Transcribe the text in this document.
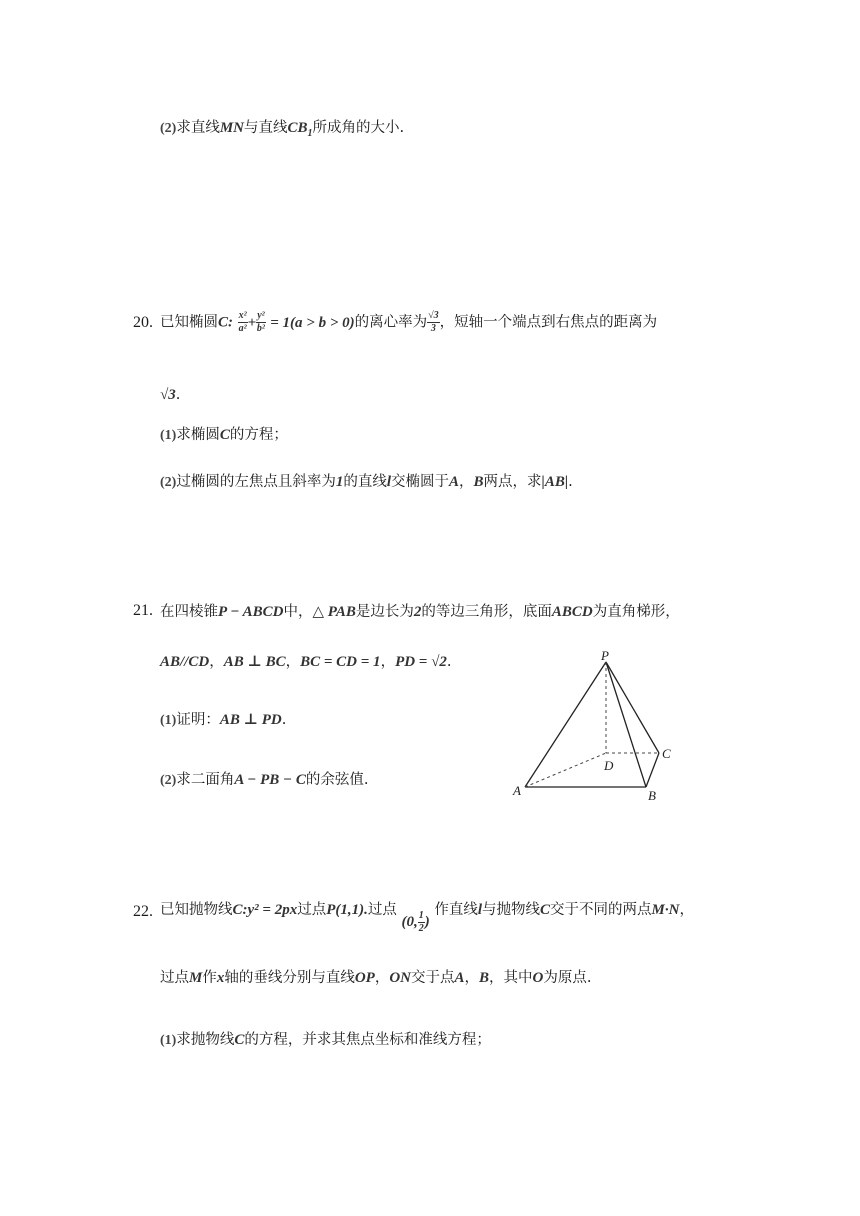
(2)求直线MN与直线$CB_1$所成角的大小.
20. 已知椭圆C: $\frac{\text{x²}}{\text{a²}} + \frac{\text{y²}}{\text{b²}} = 1(a > b > 0)$的离心率为 $\frac{√3}{3}$ ，短轴一个端点到右焦点的距离为
√3.
(1)求椭圆C的方程；
(2)过椭圆的左焦点且斜率为1的直线l交椭圆于A，B两点，求|AB|.
21. 在四棱锥P − ABCD中，△ PAB是边长为2的等边三角形，底面ABCD为直角梯形，
AB//CD，AB ⊥ BC，BC = CD = 1，PD = √2.
(1)证明：AB ⊥ PD.
(2)求二面角A − PB − C的余弦值.
P
A	B
C
D
22. 已知抛物线C:y² = 2px过点P(1,1).过点 (0, $\frac{1}{2}$ ) 作直线l与抛物线C交于不同的两点M·N，
过点M作x轴的垂线分别与直线OP，ON交于点A，B，其中O为原点.
(1)求抛物线C的方程，并求其焦点坐标和准线方程；
